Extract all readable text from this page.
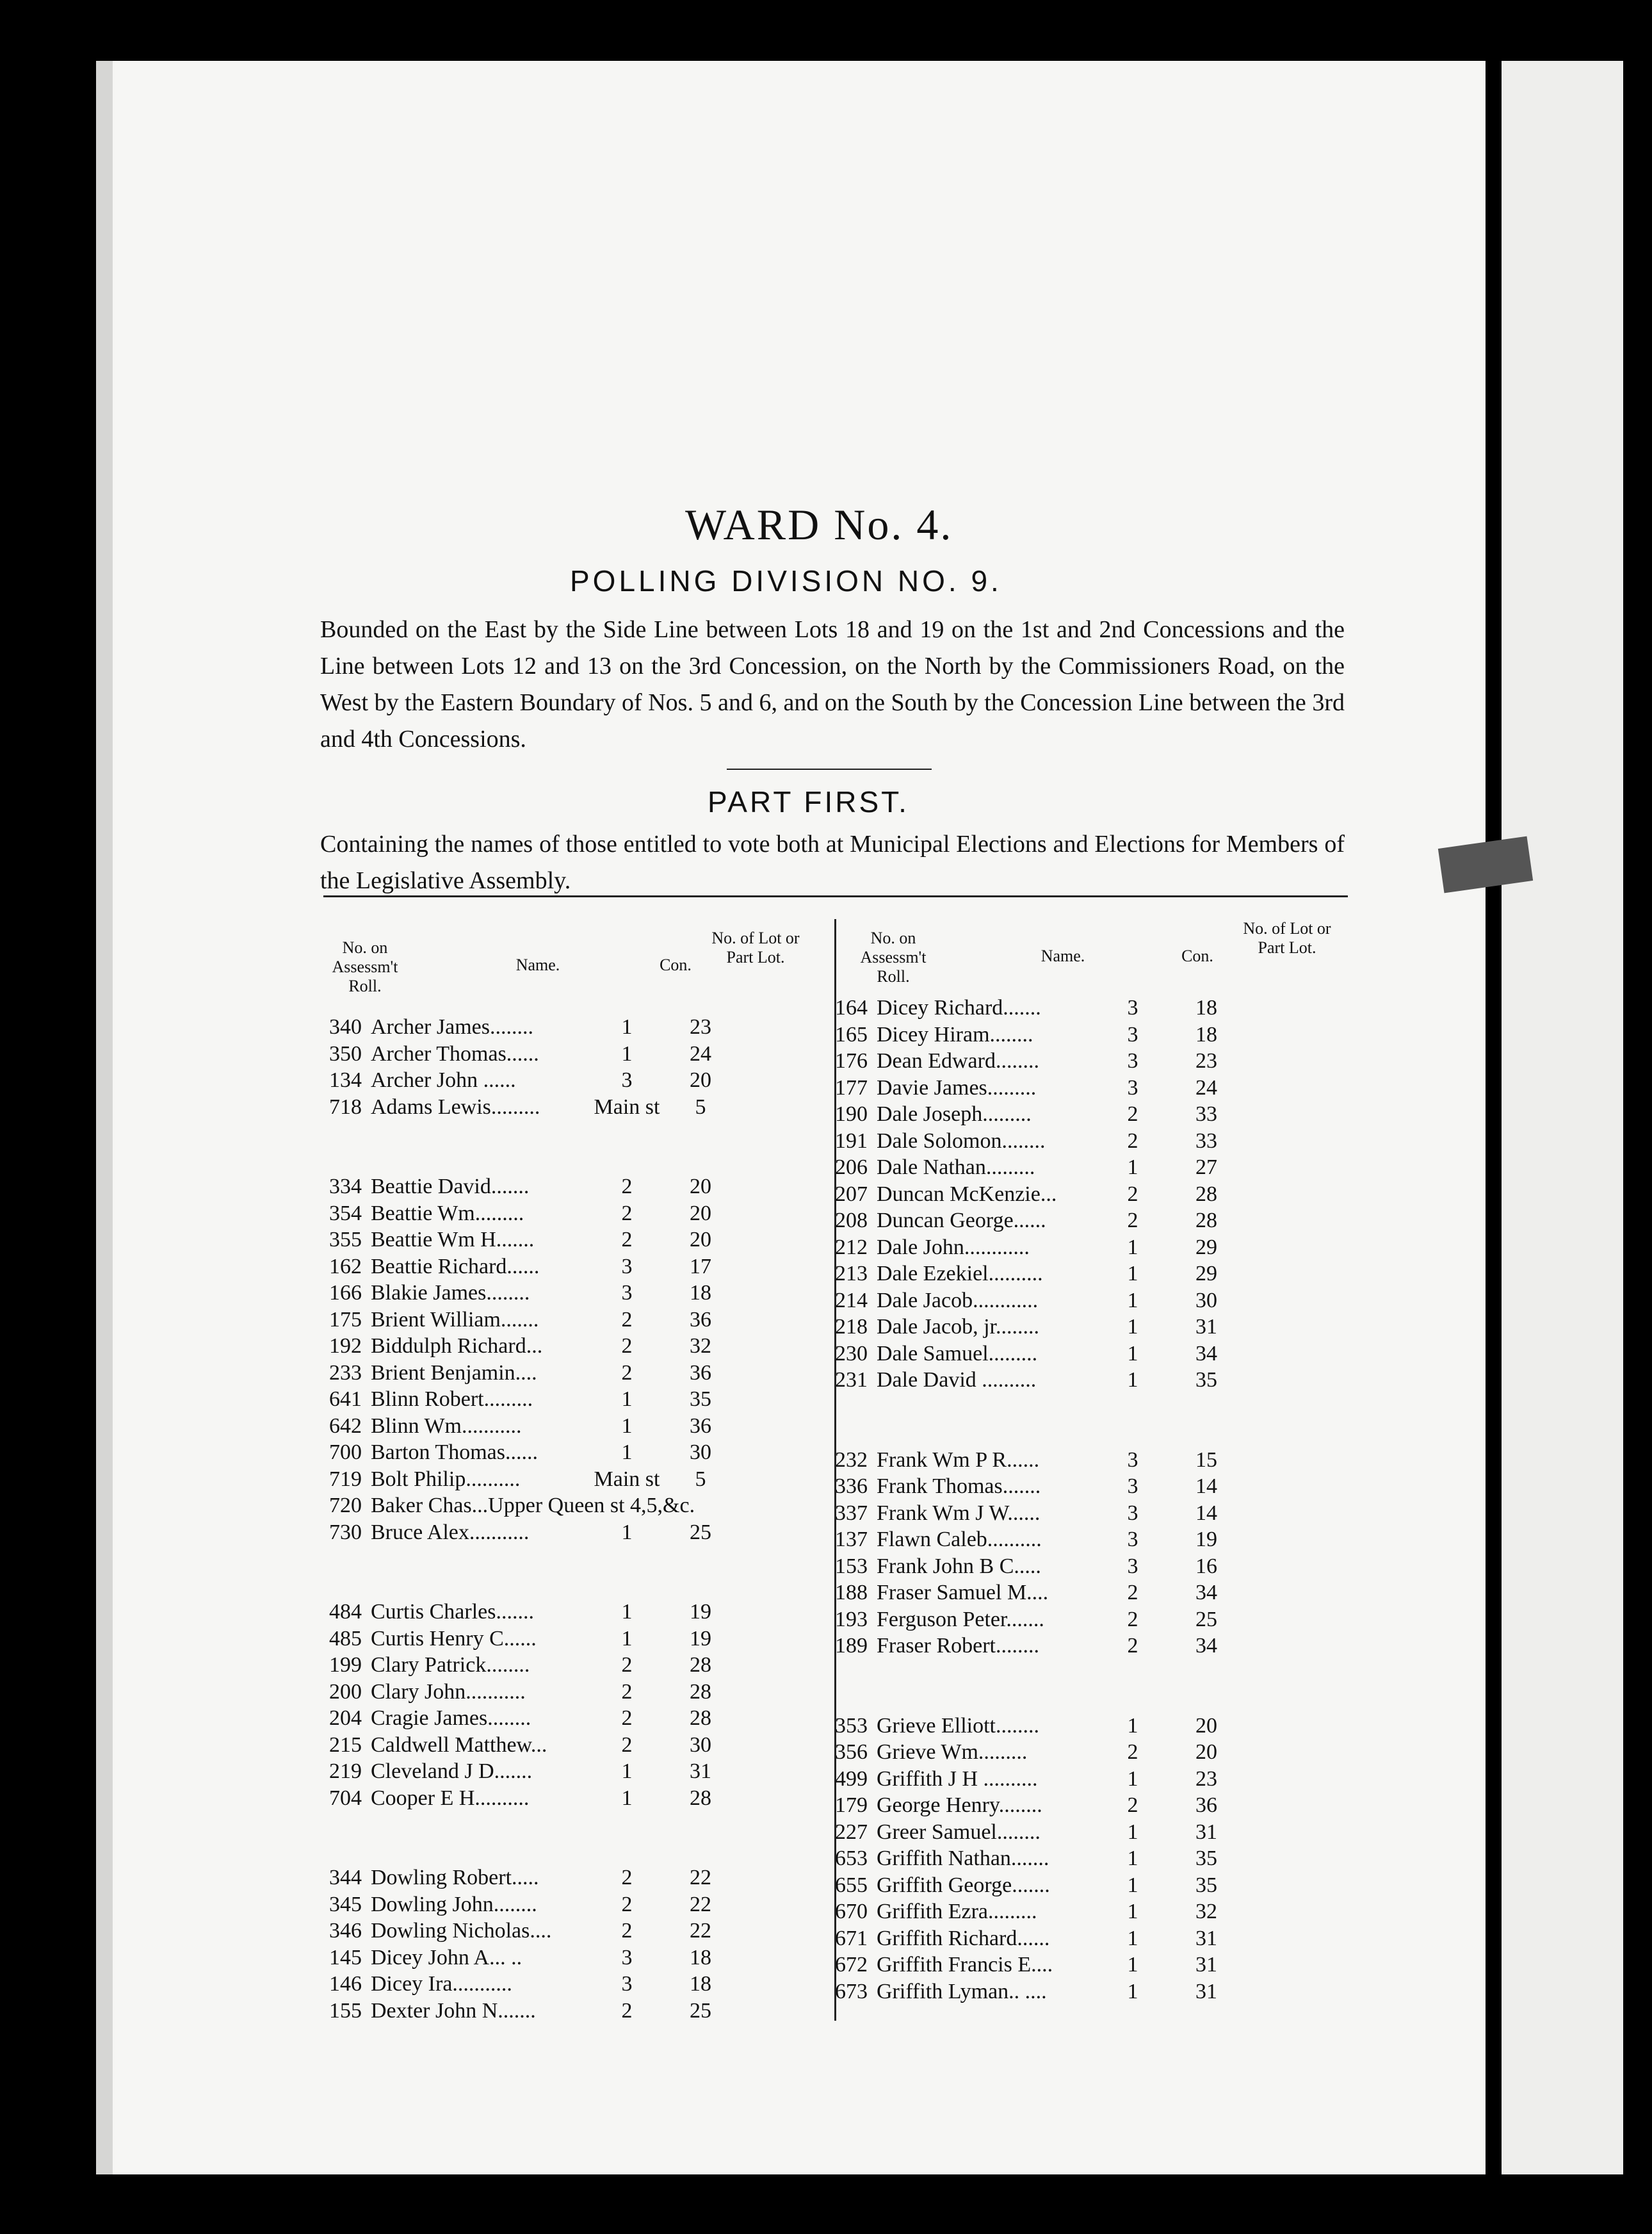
WARD No. 4.
POLLING DIVISION NO. 9.
Bounded on the East by the Side Line between Lots 18 and 19 on the 1st and 2nd Concessions and the Line between Lots 12 and 13 on the 3rd Concession, on the North by the Commissioners Road, on the West by the Eastern Boundary of Nos. 5 and 6, and on the South by the Concession Line between the 3rd and 4th Concessions.
PART FIRST.
Containing the names of those entitled to vote both at Municipal Elections and Elections for Members of the Legislative Assembly.
No. on Assessm't Roll.
Name.	Con.
No. of Lot or Part Lot.
No. on Assessm't Roll.
Name.	Con.
No. of Lot or Part Lot.
340 Archer James........	1	23
350 Archer Thomas......	1	24
134 Archer John ......	3	20
718 Adams Lewis.........	Main st	5
334 Beattie David.......	2	20
354 Beattie Wm.........	2	20
355 Beattie Wm H.......	2	20
162 Beattie Richard......	3	17
166 Blakie James........	3	18
175 Brient William.......	2	36
192 Biddulph Richard...	2	32
233 Brient Benjamin....	2	36
641 Blinn Robert.........	1	35
642 Blinn Wm...........	1	36
700 Barton Thomas......	1	30
719 Bolt Philip..........	Main st	5
720 Baker Chas...Upper Queen st 4,5,&c.
730 Bruce Alex...........	1	25
484 Curtis Charles.......	1	19
485 Curtis Henry C......	1	19
199 Clary Patrick........	2	28
200 Clary John...........	2	28
204 Cragie James........	2	28
215 Caldwell Matthew...	2	30
219 Cleveland J D.......	1	31
704 Cooper E H..........	1	28
344 Dowling Robert.....	2	22
345 Dowling John........	2	22
346 Dowling Nicholas....	2	22
145 Dicey John A... ..	3	18
146 Dicey Ira...........	3	18
155 Dexter John N.......	2	25
164 Dicey Richard.......	3	18
165 Dicey Hiram........	3	18
176 Dean Edward........	3	23
177 Davie James.........	3	24
190 Dale Joseph.........	2	33
191 Dale Solomon........	2	33
206 Dale Nathan.........	1	27
207 Duncan McKenzie...	2	28
208 Duncan George......	2	28
212 Dale John............	1	29
213 Dale Ezekiel..........	1	29
214 Dale Jacob............	1	30
218 Dale Jacob, jr........	1	31
230 Dale Samuel.........	1	34
231 Dale David ..........	1	35
232 Frank Wm P R......	3	15
336 Frank Thomas.......	3	14
337 Frank Wm J W......	3	14
137 Flawn Caleb..........	3	19
153 Frank John B C.....	3	16
188 Fraser Samuel M....	2	34
193 Ferguson Peter.......	2	25
189 Fraser Robert........	2	34
353 Grieve Elliott........	1	20
356 Grieve Wm.........	2	20
499 Griffith J H ..........	1	23
179 George Henry........	2	36
227 Greer Samuel........	1	31
653 Griffith Nathan.......	1	35
655 Griffith George.......	1	35
670 Griffith Ezra.........	1	32
671 Griffith Richard......	1	31
672 Griffith Francis E....	1	31
673 Griffith Lyman.. ....	1	31
